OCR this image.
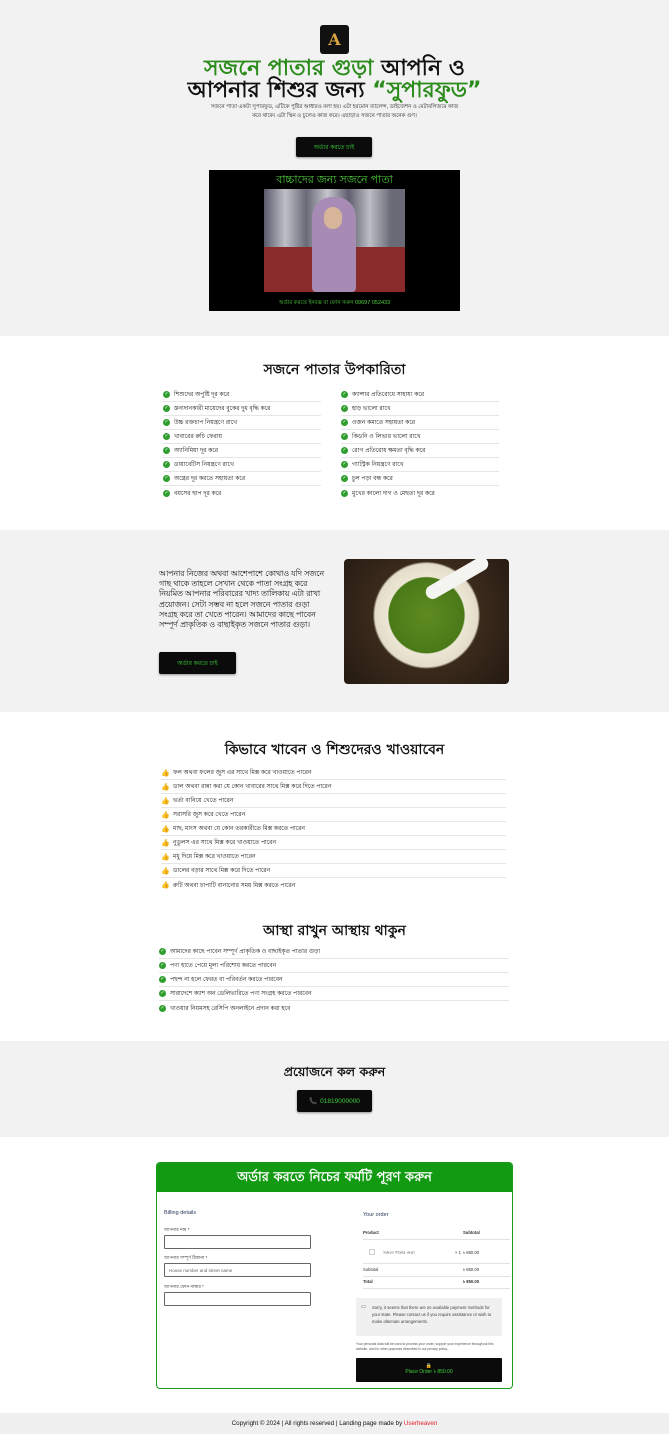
A
সজনে পাতার গুড়া আপনি ও
আপনার শিশুর জন্য “সুপারফুড”

সজনে পাতা একটা সুপারফুড, এটিকে পুষ্টির আধারও বলা হয়। এটা হরমোন ব্যালেন্স, ডাইজেশন ও মেটাবলিজমে কাজ করে থাকে। এটা স্কিন ও চুলেও কাজ করে। এছাড়াও সজনে পাতার অনেক গুণ।

অর্ডার করতে চাই
বাচ্চাদের জন্য সজনে পাতা
অর্ডার করতে ইনবক্স বা ফোন করুন 09697 052433
সজনে পাতার উপকারিতা
✓ শিশুদের অপুষ্টি দূর করে
✓ স্তন্যদানকারী মায়েদের বুকের দুধ বৃদ্ধি করে
✓ উচ্চ রক্তচাপ নিয়ন্ত্রণে রাখে
✓ খাবারের রুচি ফেরায়
✓ অ্যানিমিয়া দূর করে
✓ ডায়াবেটিস নিয়ন্ত্রণে রাখে
✓ অন্ত্রের দূর করতে সহায়তা করে
✓ বয়সের ছাপ দূর করে
✓ ক্যান্সার প্রতিরোধে সাহায্য করে
✓ হাড় ভালো রাখে
✓ ওজন কমাতে সহায়তা করে
✓ কিডনি ও লিভার ভালো রাখে
✓ রোগ প্রতিরোধ ক্ষমতা বৃদ্ধি করে
✓ গ্যাস্ট্রিক নিয়ন্ত্রণে রাখে
✓ চুল পড়া বন্ধ করে
✓ মুখের কালো দাগ ও মেছতা দূর করে

আপনার নিজের অথবা আশেপাশে কোথাও যদি সজনে গাছ থাকে তাহলে সেখান থেকে পাতা সংগ্রহ করে নিয়মিত আপনার পরিবারের খাদ্য তালিকায় এটা রাখা প্রয়োজন। সেটা সম্ভব না হলে সজনে পাতার গুড়া সংগ্রহ করে তা খেতে পারেন। আমাদের কাছে পাবেন সম্পূর্ণ প্রাকৃতিক ও বাছাইকৃত সজনে পাতার গুড়া।

অর্ডার করতে চাই
কিভাবে খাবেন ও শিশুদেরও খাওয়াবেন
👍 ফল অথবা ফলের জুস এর সাথে মিক্স করে খাওয়াতে পারেন
👍 ডাল অথবা রান্না করা যে কোন খাবারের সাথে মিক্স করে দিতে পারেন
👍 ভর্তা বানিয়ে খেতে পারেন
👍 সরাসরি জুস করে খেতে পারেন
👍 মাছ, মাংস অথবা যে কোন তরকারীতে মিক্স করতে পারেন
👍 নুডুলস এর সাথে মিক্স করে খাওয়াতে পারেন
👍 মধু দিয়ে মিক্স করে খাওয়াতে পারেন
👍 ডালের বড়ার সাথে মিক্স করে দিতে পারেন
👍 রুটি অথবা চাপাটি বানানোর সময় মিক্স করতে পারেন
আস্থা রাখুন আস্থায় থাকুন
✓ আমাদের কাছে পাবেন সম্পূর্ণ প্রাকৃতিক ও বাছাইকৃত পাতার গুড়া
✓ পণ্য হাতে পেয়ে মূল্য পরিশোধ করতে পারবেন
✓ পছন্দ না হলে ফেরত বা পরিবর্তন করতে পারবেন
✓ সারাদেশে ক্যাশ অন ডেলিভারিতে পণ্য সংগ্রহ করতে পারবেন
✓ খাওয়ার নিয়মসহ রেসিপি অনলাইনে প্রদান করা হবে
প্রয়োজনে কল করুন
📞 01819000000
অর্ডার করতে নিচের ফর্মটি পূরণ করুন
Billing details
আপনার নাম *
আপনার সম্পূর্ণ ঠিকানা *
House number and street name
আপনার ফোন নাম্বার *
Your order
Product	Subtotal
সজনে পাতার গুড়া	× 1 ৳ 850.00
Subtotal	৳ 850.00
Total	৳ 850.00
▭ Sorry, it seems that there are no available payment methods for your state. Please contact us if you require assistance or wish to make alternate arrangements.
Your personal data will be used to process your order, support your experience throughout this website, and for other purposes described in our privacy policy.
🔒
Place Order ৳ 850.00
Copyright © 2024 | All rights reserved | Landing page made by Userheaven
